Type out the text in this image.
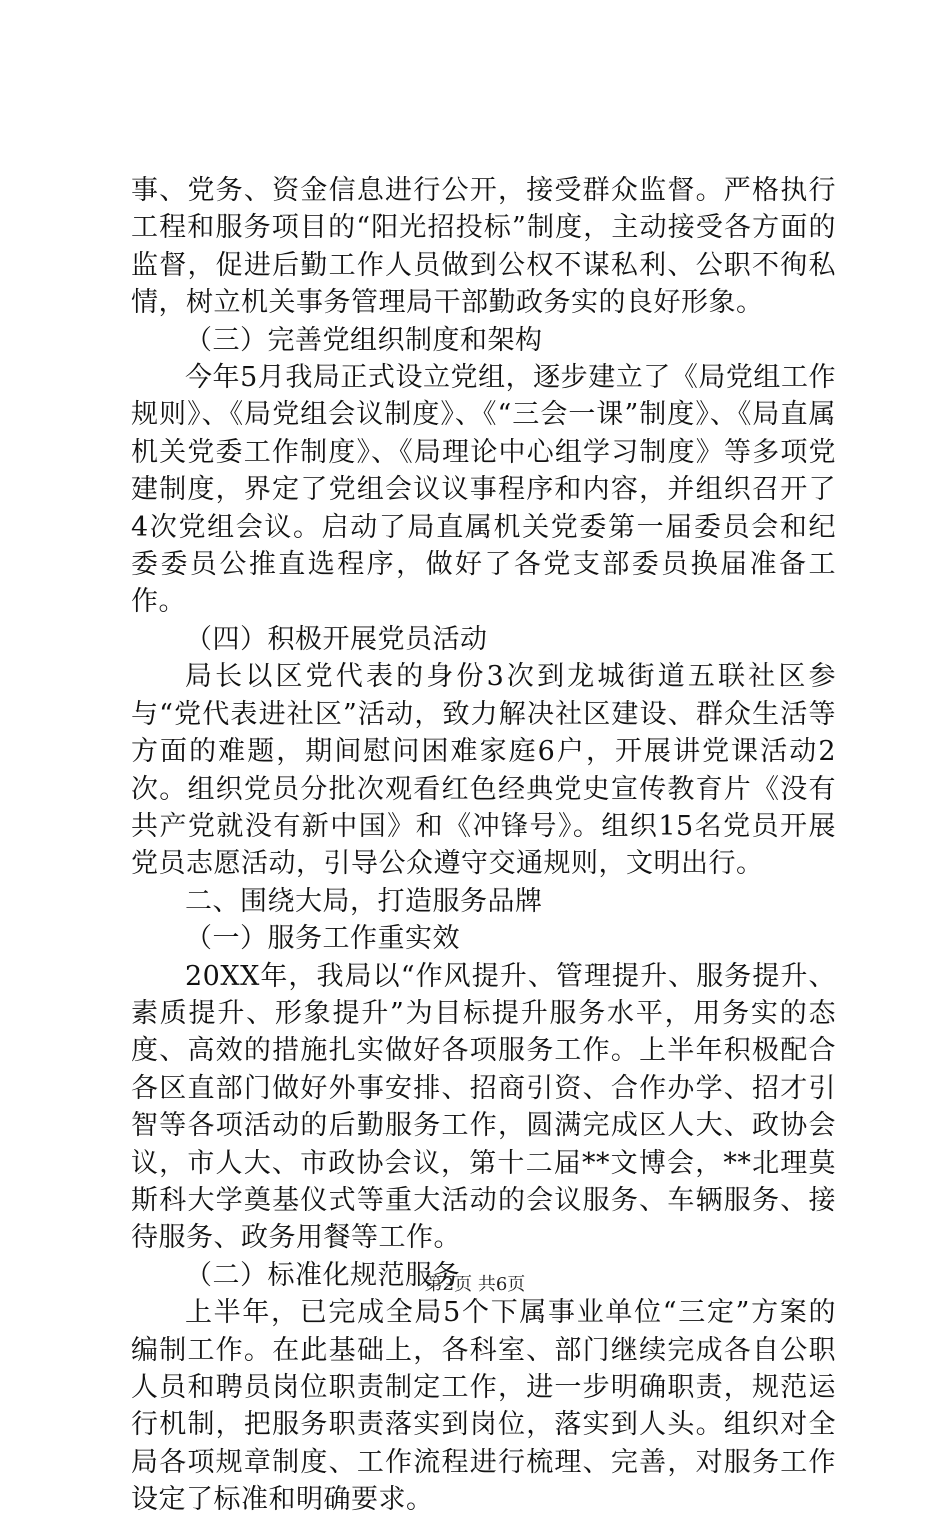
事、党务、资金信息进行公开，接受群众监督。严格执行工程和服务项目的“阳光招投标”制度，主动接受各方面的监督，促进后勤工作人员做到公权不谋私利、公职不徇私情，树立机关事务管理局干部勤政务实的良好形象。

（三）完善党组织制度和架构

今年5月我局正式设立党组，逐步建立了《局党组工作规则》、《局党组会议制度》、《“三会一课”制度》、《局直属机关党委工作制度》、《局理论中心组学习制度》等多项党建制度，界定了党组会议议事程序和内容，并组织召开了4次党组会议。启动了局直属机关党委第一届委员会和纪委委员公推直选程序，做好了各党支部委员换届准备工作。

（四）积极开展党员活动

局长以区党代表的身份3次到龙城街道五联社区参与“党代表进社区”活动，致力解决社区建设、群众生活等方面的难题，期间慰问困难家庭6户，开展讲党课活动2次。组织党员分批次观看红色经典党史宣传教育片《没有共产党就没有新中国》和《冲锋号》。组织15名党员开展党员志愿活动，引导公众遵守交通规则，文明出行。

二、围绕大局，打造服务品牌

（一）服务工作重实效

20XX年，我局以“作风提升、管理提升、服务提升、素质提升、形象提升”为目标提升服务水平，用务实的态度、高效的措施扎实做好各项服务工作。上半年积极配合各区直部门做好外事安排、招商引资、合作办学、招才引智等各项活动的后勤服务工作，圆满完成区人大、政协会议，市人大、市政协会议，第十二届**文博会，**北理莫斯科大学奠基仪式等重大活动的会议服务、车辆服务、接待服务、政务用餐等工作。

（二）标准化规范服务

上半年，已完成全局5个下属事业单位“三定”方案的编制工作。在此基础上，各科室、部门继续完成各自公职人员和聘员岗位职责制定工作，进一步明确职责，规范运行机制，把服务职责落实到岗位，落实到人头。组织对全局各项规章制度、工作流程进行梳理、完善，对服务工作设定了标准和明确要求。

第2页 共6页
